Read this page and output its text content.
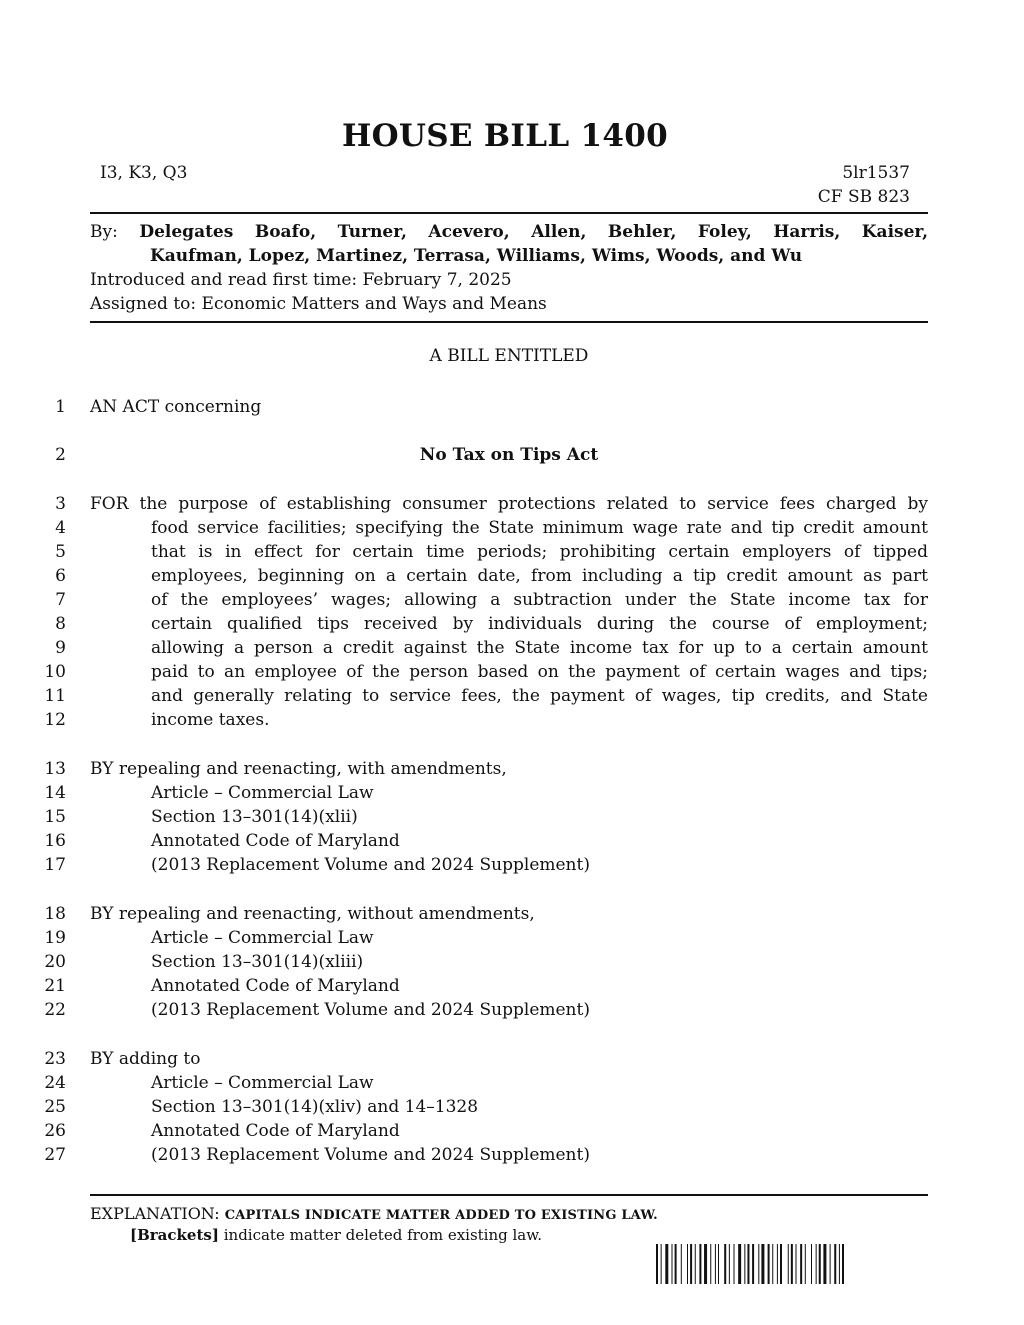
HOUSE BILL 1400
I3, K3, Q3	5lr1537
CF SB 823
By: Delegates Boafo, Turner, Acevero, Allen, Behler, Foley, Harris, Kaiser,
Kaufman, Lopez, Martinez, Terrasa, Williams, Wims, Woods, and Wu
Introduced and read first time: February 7, 2025
Assigned to: Economic Matters and Ways and Means
A BILL ENTITLED
1 AN ACT concerning
2	No Tax on Tips Act
3 FOR the purpose of establishing consumer protections related to service fees charged by
4	food service facilities; specifying the State minimum wage rate and tip credit amount
5	that is in effect for certain time periods; prohibiting certain employers of tipped
6	employees, beginning on a certain date, from including a tip credit amount as part
7	of the employees’ wages; allowing a subtraction under the State income tax for
8	certain qualified tips received by individuals during the course of employment;
9	allowing a person a credit against the State income tax for up to a certain amount
10	paid to an employee of the person based on the payment of certain wages and tips;
11	and generally relating to service fees, the payment of wages, tip credits, and State
12	income taxes.
13 BY repealing and reenacting, with amendments,
14	Article – Commercial Law
15	Section 13–301(14)(xlii)
16	Annotated Code of Maryland
17	(2013 Replacement Volume and 2024 Supplement)
18 BY repealing and reenacting, without amendments,
19	Article – Commercial Law
20	Section 13–301(14)(xliii)
21	Annotated Code of Maryland
22	(2013 Replacement Volume and 2024 Supplement)
23 BY adding to
24	Article – Commercial Law
25	Section 13–301(14)(xliv) and 14–1328
26	Annotated Code of Maryland
27	(2013 Replacement Volume and 2024 Supplement)
EXPLANATION: CAPITALS INDICATE MATTER ADDED TO EXISTING LAW.
[Brackets] indicate matter deleted from existing law.
